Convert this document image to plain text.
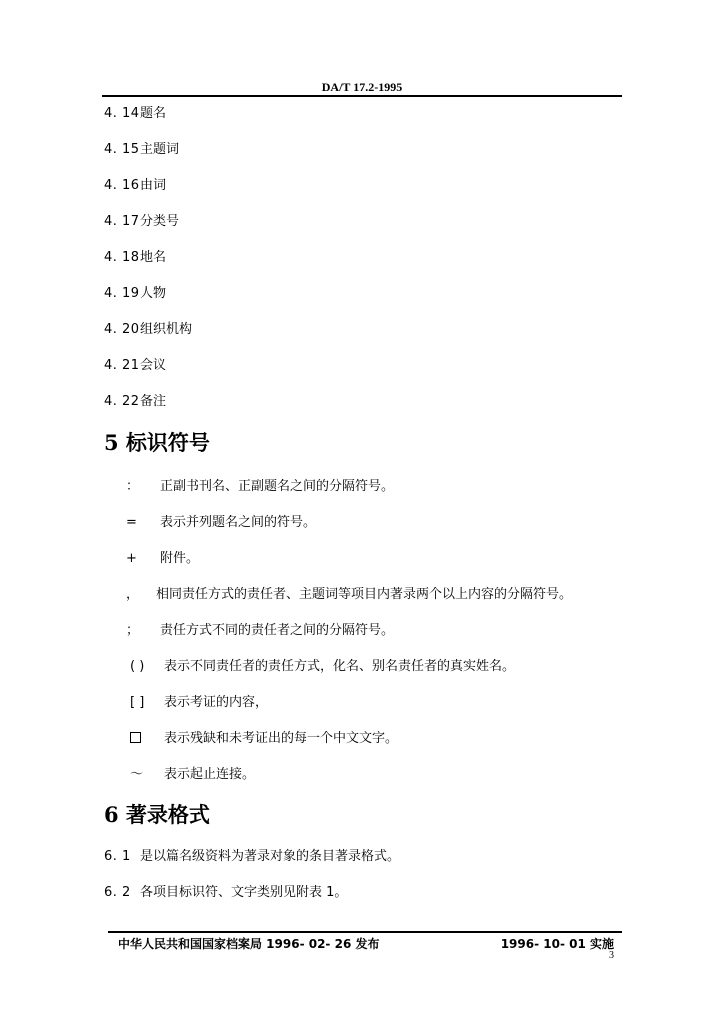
DA/T 17.2-1995
4. 14题名
4. 15主题词
4. 16由词
4. 17分类号
4. 18地名
4. 19人物
4. 20组织机构
4. 21会议
4. 22备注
5 标识符号
： 正副书刊名、正副题名之间的分隔符号。
= 表示并列题名之间的符号。
+ 附件。
， 相同责任方式的责任者、主题词等项目内著录两个以上内容的分隔符号。
； 责任方式不同的责任者之间的分隔符号。
( ) 表示不同责任者的责任方式，化名、别名责任者的真实姓名。
[ ] 表示考证的内容，
表示残缺和未考证出的每一个中文文字。
～ 表示起止连接。
6 著录格式
6. 1 是以篇名级资料为著录对象的条目著录格式。
6. 2 各项目标识符、文字类别见附表 1。
中华人民共和国国家档案局 1996- 02- 26 发布	1996- 10- 01 实施
3
